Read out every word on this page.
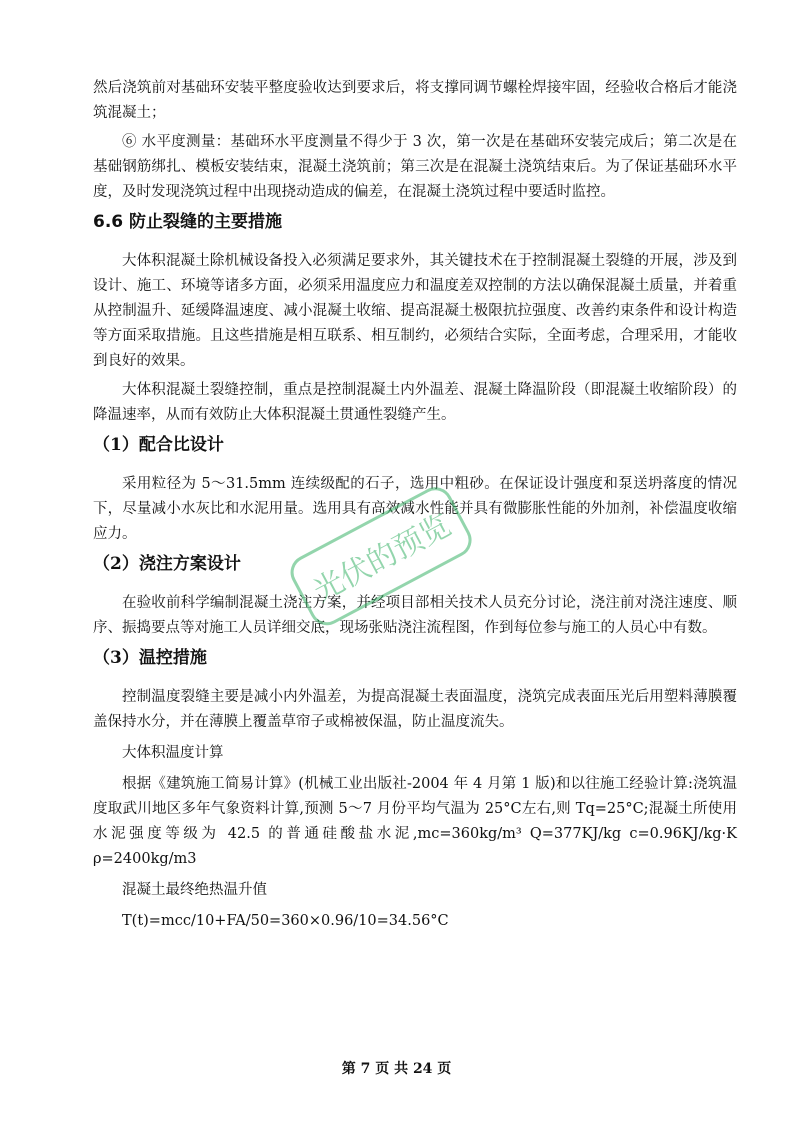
然后浇筑前对基础环安装平整度验收达到要求后，将支撑同调节螺栓焊接牢固，经验收合格后才能浇筑混凝土；

⑥ 水平度测量：基础环水平度测量不得少于 3 次，第一次是在基础环安装完成后；第二次是在基础钢筋绑扎、模板安装结束，混凝土浇筑前；第三次是在混凝土浇筑结束后。为了保证基础环水平度，及时发现浇筑过程中出现挠动造成的偏差，在混凝土浇筑过程中要适时监控。

6.6 防止裂缝的主要措施

大体积混凝土除机械设备投入必须满足要求外，其关键技术在于控制混凝土裂缝的开展，涉及到设计、施工、环境等诸多方面，必须采用温度应力和温度差双控制的方法以确保混凝土质量，并着重从控制温升、延缓降温速度、减小混凝土收缩、提高混凝土极限抗拉强度、改善约束条件和设计构造等方面采取措施。且这些措施是相互联系、相互制约，必须结合实际，全面考虑，合理采用，才能收到良好的效果。

大体积混凝土裂缝控制，重点是控制混凝土内外温差、混凝土降温阶段（即混凝土收缩阶段）的降温速率，从而有效防止大体积混凝土贯通性裂缝产生。

（1）配合比设计

采用粒径为 5～31.5mm 连续级配的石子，选用中粗砂。在保证设计强度和泵送坍落度的情况下，尽量减小水灰比和水泥用量。选用具有高效减水性能并具有微膨胀性能的外加剂，补偿温度收缩应力。

（2）浇注方案设计

在验收前科学编制混凝土浇注方案，并经项目部相关技术人员充分讨论，浇注前对浇注速度、顺序、振捣要点等对施工人员详细交底，现场张贴浇注流程图，作到每位参与施工的人员心中有数。

（3）温控措施

控制温度裂缝主要是减小内外温差，为提高混凝土表面温度，浇筑完成表面压光后用塑料薄膜覆盖保持水分，并在薄膜上覆盖草帘子或棉被保温，防止温度流失。

大体积温度计算

根据《建筑施工简易计算》(机械工业出版社-2004 年 4 月第 1 版)和以往施工经验计算:浇筑温度取武川地区多年气象资料计算,预测 5～7 月份平均气温为 25°C左右,则 Tq=25°C;混凝土所使用水泥强度等级为 42.5 的普通硅酸盐水泥,mc=360kg/m³ Q=377KJ/kg c=0.96KJ/kg·K ρ=2400kg/m3

混凝土最终绝热温升值

T(t)=mcc/10+FA/50=360×0.96/10=34.56°C

光伏的预览
第 7 页 共 24 页
